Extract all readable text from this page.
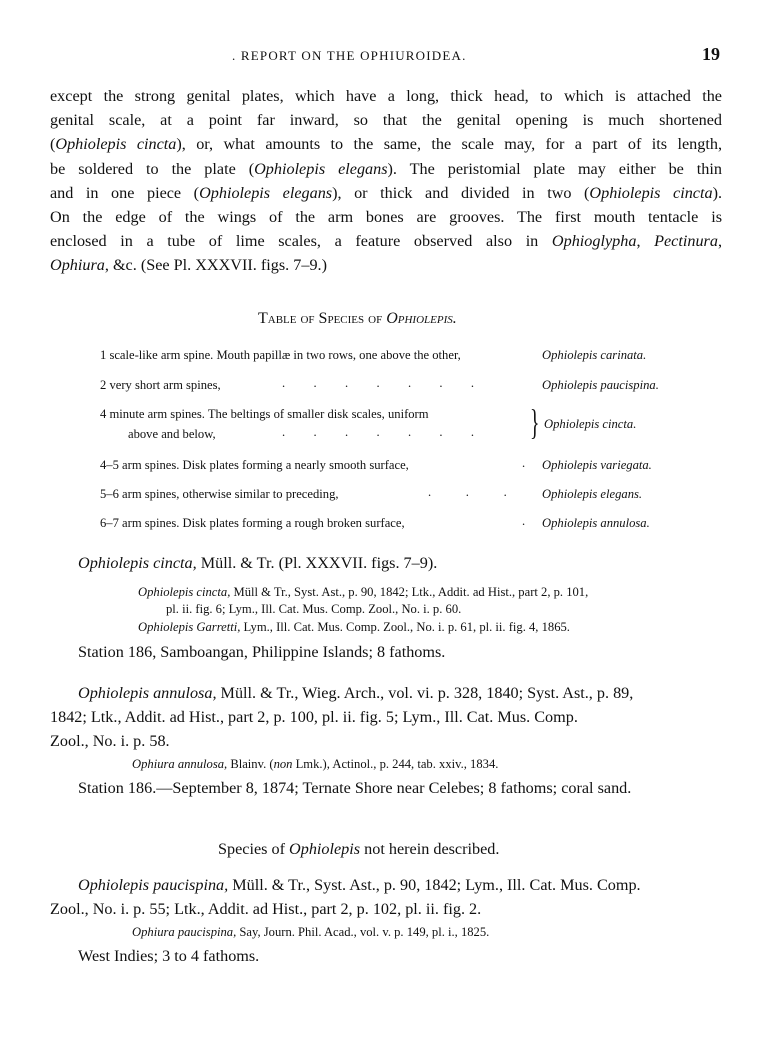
. REPORT ON THE OPHIUROIDEA.	19
except the strong genital plates, which have a long, thick head, to which is attached the
genital scale, at a point far inward, so that the genital opening is much shortened
(Ophiolepis cincta), or, what amounts to the same, the scale may, for a part of its length,
be soldered to the plate (Ophiolepis elegans). The peristomial plate may either be thin
and in one piece (Ophiolepis elegans), or thick and divided in two (Ophiolepis cincta).
On the edge of the wings of the arm bones are grooves. The first mouth tentacle is
enclosed in a tube of lime scales, a feature observed also in Ophioglypha, Pectinura,
Ophiura, &c. (See Pl. XXXVII. figs. 7–9.)
Table of Species of Ophiolepis.
1 scale-like arm spine. Mouth papillæ in two rows, one above the other,	Ophiolepis carinata.
2 very short arm spines,	.         .         .         .         .         .         .	Ophiolepis paucispina.
4 minute arm spines. The beltings of smaller disk scales, uniform
above and below,	.         .         .         .         .         .         . } Ophiolepis cincta.
4–5 arm spines. Disk plates forming a nearly smooth surface,	. Ophiolepis variegata.
5–6 arm spines, otherwise similar to preceding,	.           .           .	Ophiolepis elegans.
6–7 arm spines. Disk plates forming a rough broken surface,	. Ophiolepis annulosa.
Ophiolepis cincta, Müll. & Tr. (Pl. XXXVII. figs. 7–9).
Ophiolepis cincta, Müll & Tr., Syst. Ast., p. 90, 1842; Ltk., Addit. ad Hist., part 2, p. 101,
pl. ii. fig. 6; Lym., Ill. Cat. Mus. Comp. Zool., No. i. p. 60.
Ophiolepis Garretti, Lym., Ill. Cat. Mus. Comp. Zool., No. i. p. 61, pl. ii. fig. 4, 1865.
Station 186, Samboangan, Philippine Islands; 8 fathoms.
Ophiolepis annulosa, Müll. & Tr., Wieg. Arch., vol. vi. p. 328, 1840; Syst. Ast., p. 89,
1842; Ltk., Addit. ad Hist., part 2, p. 100, pl. ii. fig. 5; Lym., Ill. Cat. Mus. Comp.
Zool., No. i. p. 58.
Ophiura annulosa, Blainv. (non Lmk.), Actinol., p. 244, tab. xxiv., 1834.
Station 186.—September 8, 1874; Ternate Shore near Celebes; 8 fathoms; coral sand.
Species of Ophiolepis not herein described.
Ophiolepis paucispina, Müll. & Tr., Syst. Ast., p. 90, 1842; Lym., Ill. Cat. Mus. Comp.
Zool., No. i. p. 55; Ltk., Addit. ad Hist., part 2, p. 102, pl. ii. fig. 2.
Ophiura paucispina, Say, Journ. Phil. Acad., vol. v. p. 149, pl. i., 1825.
West Indies; 3 to 4 fathoms.
